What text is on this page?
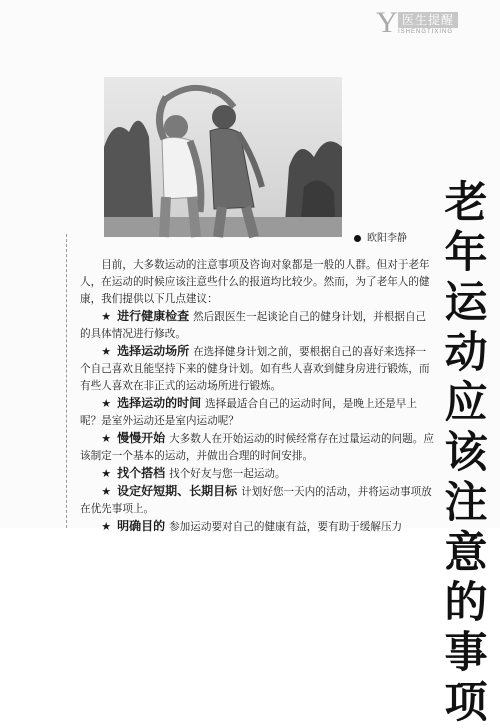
Y 医生提醒
ISHENGTIXING
欧阳李静
老
年
运
动
应
该
注
意
的
事
项

目前，大多数运动的注意事项及咨询对象都是一般的人群。但对于老年人，在运动的时候应该注意些什么的报道均比较少。然而，为了老年人的健康，我们提供以下几点建议：

★ 进行健康检查 然后跟医生一起谈论自己的健身计划，并根据自己的具体情况进行修改。

★ 选择运动场所 在选择健身计划之前，要根据自己的喜好来选择一个自己喜欢且能坚持下来的健身计划。如有些人喜欢到健身房进行锻炼，而有些人喜欢在非正式的运动场所进行锻炼。

★ 选择运动的时间 选择最适合自己的运动时间，是晚上还是早上呢？是室外运动还是室内运动呢？

★ 慢慢开始 大多数人在开始运动的时候经常存在过量运动的问题。应该制定一个基本的运动，并做出合理的时间安排。

★ 找个搭档 找个好友与您一起运动。

★ 设定好短期、长期目标 计划好您一天内的活动，并将运动事项放在优先事项上。

★ 明确目的 参加运动要对自己的健康有益，要有助于缓解压力
